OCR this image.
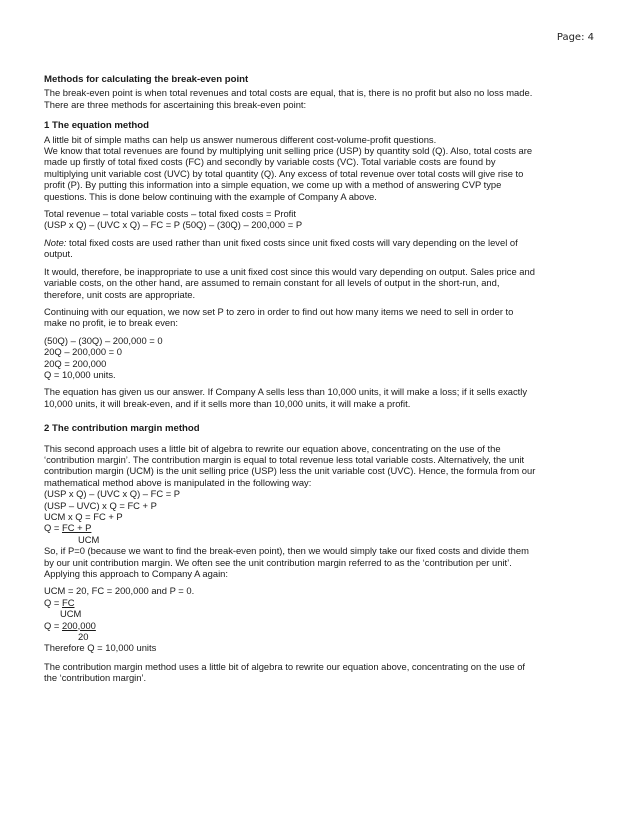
Page: 4

Methods for calculating the break-even point

The break-even point is when total revenues and total costs are equal, that is, there is no profit but also no loss made.
There are three methods for ascertaining this break-even point:

1 The equation method

A little bit of simple maths can help us answer numerous different cost-volume-profit questions.
We know that total revenues are found by multiplying unit selling price (USP) by quantity sold (Q). Also, total costs are
made up firstly of total fixed costs (FC) and secondly by variable costs (VC). Total variable costs are found by
multiplying unit variable cost (UVC) by total quantity (Q). Any excess of total revenue over total costs will give rise to
profit (P). By putting this information into a simple equation, we come up with a method of answering CVP type
questions. This is done below continuing with the example of Company A above.

Total revenue – total variable costs – total fixed costs = Profit
(USP x Q) – (UVC x Q) – FC = P (50Q) – (30Q) – 200,000 = P

Note: total fixed costs are used rather than unit fixed costs since unit fixed costs will vary depending on the level of
output.

It would, therefore, be inappropriate to use a unit fixed cost since this would vary depending on output. Sales price and
variable costs, on the other hand, are assumed to remain constant for all levels of output in the short-run, and,
therefore, unit costs are appropriate.

Continuing with our equation, we now set P to zero in order to find out how many items we need to sell in order to
make no profit, ie to break even:

(50Q) – (30Q) – 200,000 = 0
20Q – 200,000 = 0
20Q = 200,000
Q = 10,000 units.

The equation has given us our answer. If Company A sells less than 10,000 units, it will make a loss; if it sells exactly
10,000 units, it will break-even, and if it sells more than 10,000 units, it will make a profit.

2 The contribution margin method

This second approach uses a little bit of algebra to rewrite our equation above, concentrating on the use of the
‘contribution margin’. The contribution margin is equal to total revenue less total variable costs. Alternatively, the unit
contribution margin (UCM) is the unit selling price (USP) less the unit variable cost (UVC). Hence, the formula from our
mathematical method above is manipulated in the following way:
(USP x Q) – (UVC x Q) – FC = P
(USP – UVC) x Q = FC + P
UCM x Q = FC + P
Q = FC + P
UCM
So, if P=0 (because we want to find the break-even point), then we would simply take our fixed costs and divide them
by our unit contribution margin. We often see the unit contribution margin referred to as the ‘contribution per unit’.
Applying this approach to Company A again:
UCM = 20, FC = 200,000 and P = 0.
Q = FC
UCM
Q = 200,000
20
Therefore Q = 10,000 units

The contribution margin method uses a little bit of algebra to rewrite our equation above, concentrating on the use of
the ‘contribution margin’.
